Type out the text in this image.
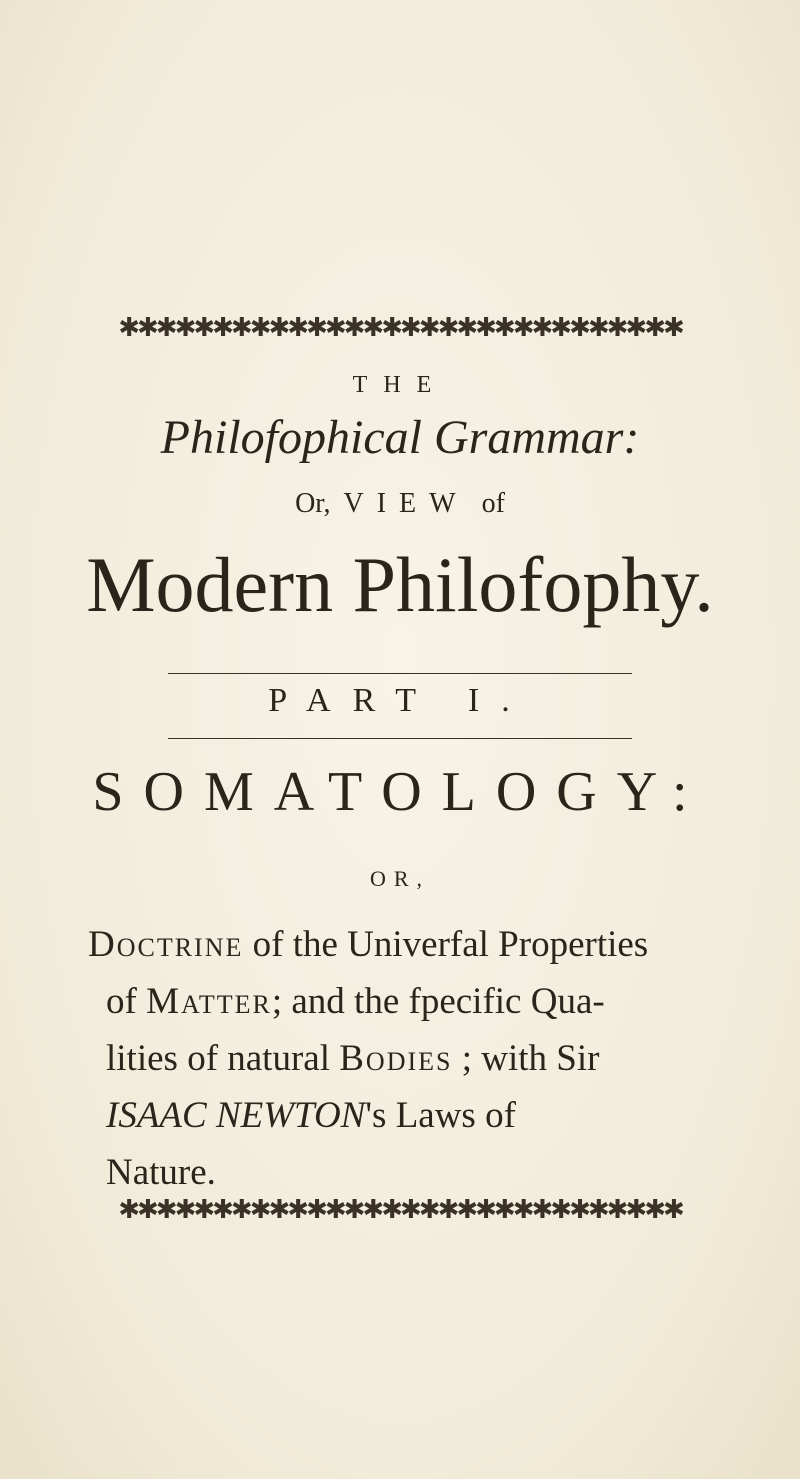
✱✱✱✱✱✱✱✱✱✱✱✱✱✱✱✱✱✱✱✱✱✱✱✱✱✱✱✱✱✱
THE
Philofophical Grammar:
Or, VIEW of
Modern Philofophy.
PART I.
SOMATOLOGY:
OR,
Doctrine of the Univerfal Properties
of Matter; and the fpecific Qua-
lities of natural Bodies ; with Sir
ISAAC NEWTON's Laws of
Nature.
✱✱✱✱✱✱✱✱✱✱✱✱✱✱✱✱✱✱✱✱✱✱✱✱✱✱✱✱✱✱
